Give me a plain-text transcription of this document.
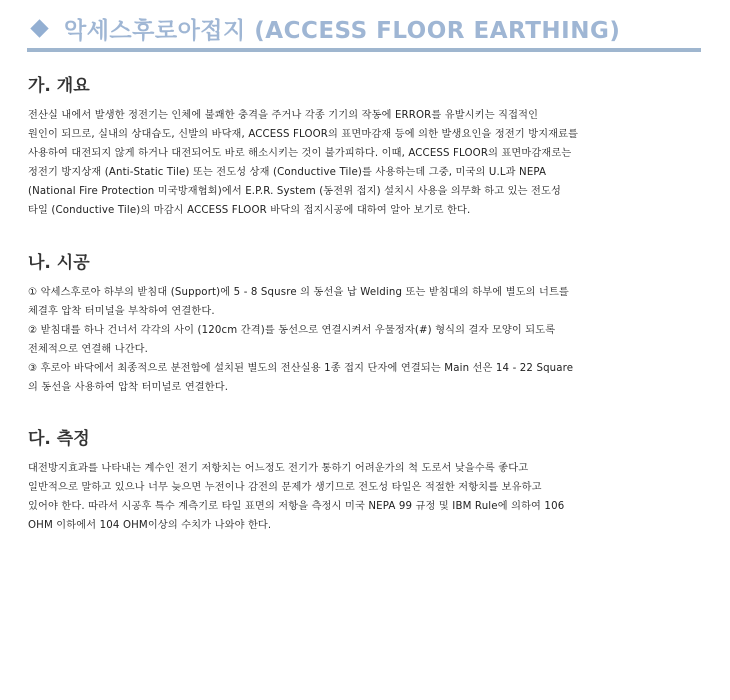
악세스후로아접지 (ACCESS FLOOR EARTHING)
가. 개요
전산실 내에서 발생한 정전기는 인체에 불쾌한 충격을 주거나 각종 기기의 작동에 ERROR를 유발시키는 직접적인
원인이 되므로, 실내의 상대습도, 신발의 바닥재, ACCESS FLOOR의 표면마감재 등에 의한 발생요인을 정전기 방지재료를
사용하여 대전되지 않게 하거나 대전되어도 바로 해소시키는 것이 불가피하다. 이때, ACCESS FLOOR의 표면마감재로는
정전기 방지상재 (Anti-Static Tile) 또는 전도성 상재 (Conductive Tile)를 사용하는데 그중, 미국의 U.L과 NEPA
(National Fire Protection 미국방재협회)에서 E.P.R. System (동전위 접지) 설치시 사용을 의무화 하고 있는 전도성
타일 (Conductive Tile)의 마감시 ACCESS FLOOR 바닥의 접지시공에 대하여 알아 보기로 한다.
나. 시공
① 악세스후로아 하부의 받침대 (Support)에 5 - 8 Squsre 의 동선을 납 Welding 또는 받침대의 하부에 별도의 너트를
체결후 압착 터미널을 부착하여 연결한다.
② 받침대를 하나 건너서 각각의 사이 (120cm 간격)를 동선으로 연결시켜서 우물정자(#) 형식의 결자 모양이 되도록
전체적으로 연결해 나간다.
③ 후로아 바닥에서 최종적으로 분전함에 설치된 별도의 전산실용 1종 접지 단자에 연결되는 Main 선은 14 - 22 Square
의 동선을 사용하여 압착 터미널로 연결한다.
다. 측정
대전방지효과를 나타내는 계수인 전기 저항치는 어느정도 전기가 통하기 어려운가의 척 도로서 낮을수록 좋다고
일반적으로 말하고 있으나 너무 늦으면 누전이나 감전의 문제가 생기므로 전도성 타일은 적절한 저항치를 보유하고
있어야 한다. 따라서 시공후 특수 계측기로 타일 표면의 저항을 측정시 미국 NEPA 99 규정 및 IBM Rule에 의하여 106
OHM 이하에서 104 OHM이상의 수치가 나와야 한다.
